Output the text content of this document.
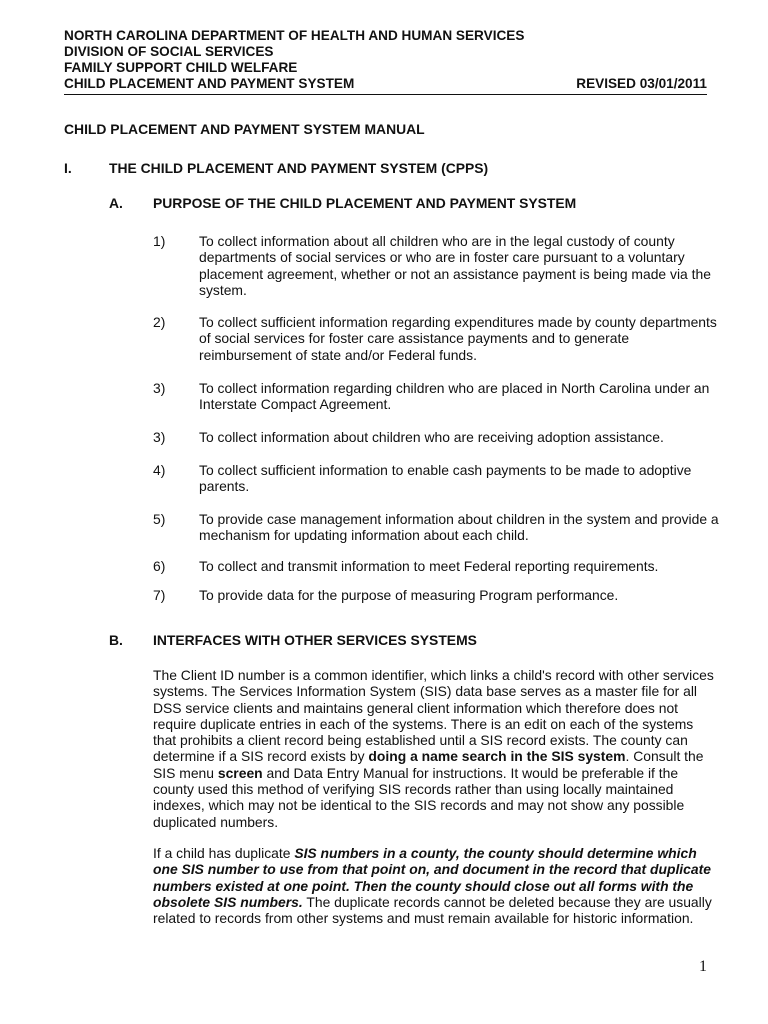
NORTH CAROLINA DEPARTMENT OF HEALTH AND HUMAN SERVICES
DIVISION OF SOCIAL SERVICES
FAMILY SUPPORT CHILD WELFARE
CHILD PLACEMENT AND PAYMENT SYSTEM	REVISED 03/01/2011
CHILD PLACEMENT AND PAYMENT SYSTEM MANUAL
I.	THE CHILD PLACEMENT AND PAYMENT SYSTEM (CPPS)
A. PURPOSE OF THE CHILD PLACEMENT AND PAYMENT SYSTEM
1) To collect information about all children who are in the legal custody of county departments of social services or who are in foster care pursuant to a voluntary placement agreement, whether or not an assistance payment is being made via the system.
2) To collect sufficient information regarding expenditures made by county departments of social services for foster care assistance payments and to generate reimbursement of state and/or Federal funds.
3) To collect information regarding children who are placed in North Carolina under an Interstate Compact Agreement.
3) To collect information about children who are receiving adoption assistance.
4) To collect sufficient information to enable cash payments to be made to adoptive parents.
5) To provide case management information about children in the system and provide a mechanism for updating information about each child.
6) To collect and transmit information to meet Federal reporting requirements.
7) To provide data for the purpose of measuring Program performance.
B. INTERFACES WITH OTHER SERVICES SYSTEMS
The Client ID number is a common identifier, which links a child's record with other services systems. The Services Information System (SIS) data base serves as a master file for all DSS service clients and maintains general client information which therefore does not require duplicate entries in each of the systems. There is an edit on each of the systems that prohibits a client record being established until a SIS record exists. The county can determine if a SIS record exists by doing a name search in the SIS system. Consult the SIS menu screen and Data Entry Manual for instructions. It would be preferable if the county used this method of verifying SIS records rather than using locally maintained indexes, which may not be identical to the SIS records and may not show any possible duplicated numbers.
If a child has duplicate SIS numbers in a county, the county should determine which one SIS number to use from that point on, and document in the record that duplicate numbers existed at one point. Then the county should close out all forms with the obsolete SIS numbers. The duplicate records cannot be deleted because they are usually related to records from other systems and must remain available for historic information.
1
